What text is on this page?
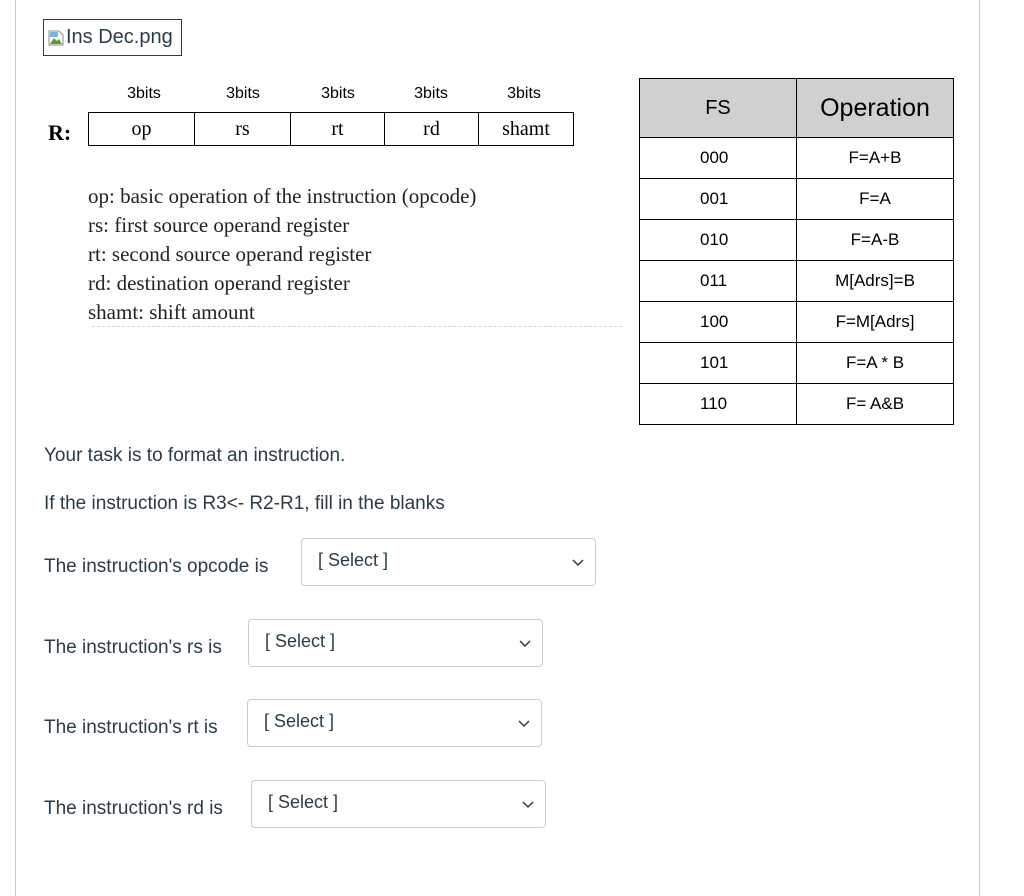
Ins Dec.png
R:
3bits	3bits	3bits	3bits	3bits
op	rs	rt	rd	shamt
op: basic operation of the instruction (opcode)
rs: first source operand register
rt: second source operand register
rd: destination operand register
shamt: shift amount
FS	Operation
000	F=A+B
001	F=A
010	F=A-B
011	M[Adrs]=B
100	F=M[Adrs]
101	F=A * B
110	F= A&B
Your task is to format an instruction.
If the instruction is R3<- R2-R1, fill in the blanks
The instruction's opcode is	[ Select ]
The instruction's rs is [ Select ]
The instruction's rt is	[ Select ]
The instruction's rd is	[ Select ]
